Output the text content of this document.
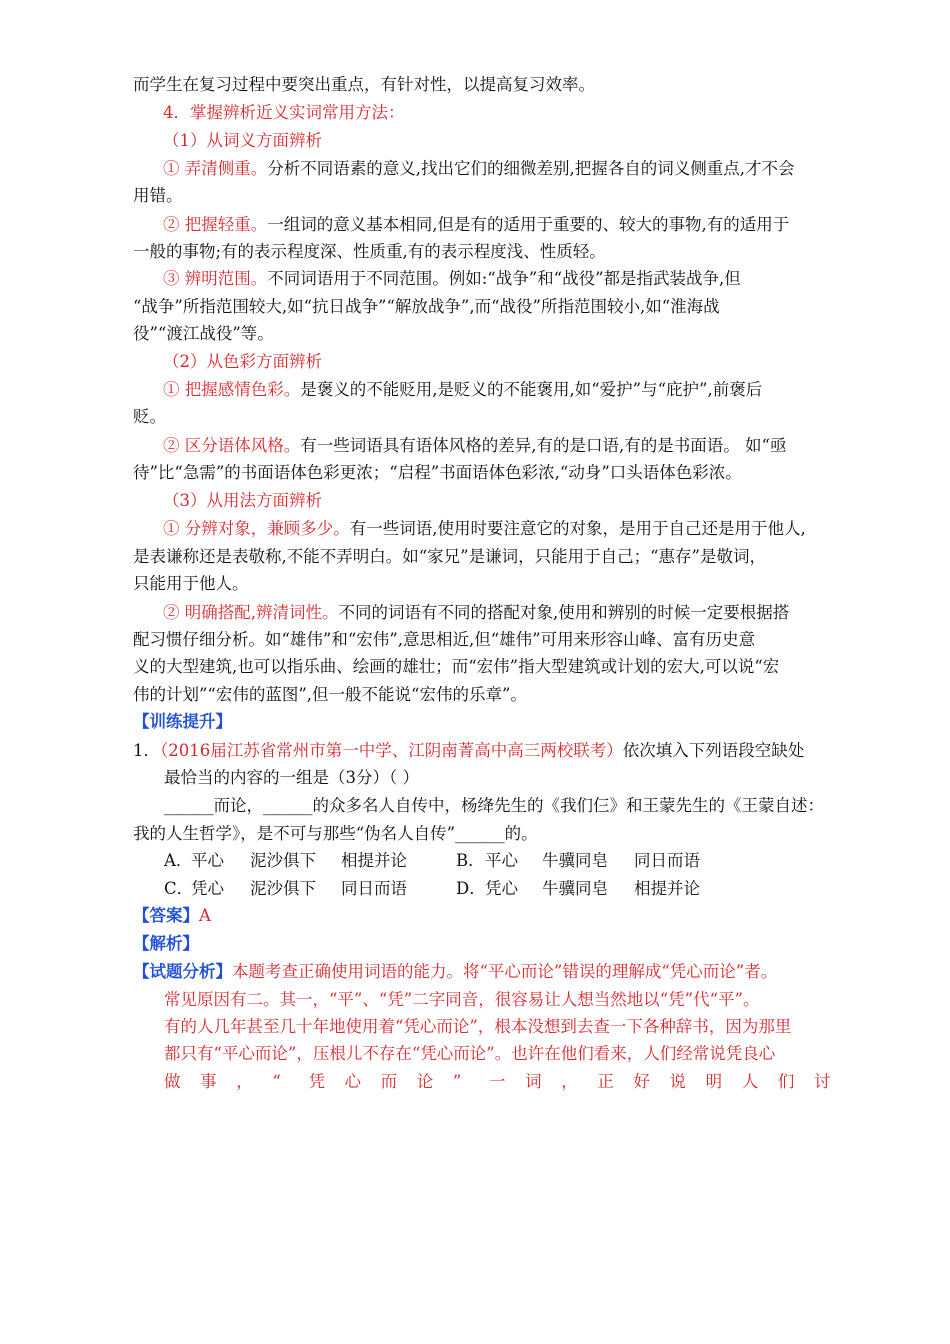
而学生在复习过程中要突出重点，有针对性，以提高复习效率。
4．掌握辨析近义实词常用方法：
（1）从词义方面辨析
① 弄清侧重。分析不同语素的意义,找出它们的细微差别,把握各自的词义侧重点,才不会
用错。
② 把握轻重。一组词的意义基本相同,但是有的适用于重要的、较大的事物,有的适用于
一般的事物;有的表示程度深、性质重,有的表示程度浅、性质轻。
③ 辨明范围。不同词语用于不同范围。例如:“战争”和“战役”都是指武装战争,但
“战争”所指范围较大,如“抗日战争”“解放战争”,而“战役”所指范围较小,如“淮海战
役”“渡江战役”等。
（2）从色彩方面辨析
① 把握感情色彩。是褒义的不能贬用,是贬义的不能褒用,如“爱护”与“庇护”,前褒后
贬。
② 区分语体风格。有一些词语具有语体风格的差异,有的是口语,有的是书面语。 如“亟
待”比“急需”的书面语体色彩更浓；“启程”书面语体色彩浓,“动身”口头语体色彩浓。
（3）从用法方面辨析
① 分辨对象，兼顾多少。有一些词语,使用时要注意它的对象，是用于自己还是用于他人,
是表谦称还是表敬称,不能不弄明白。如“家兄”是谦词，只能用于自己；“惠存”是敬词，
只能用于他人。
② 明确搭配,辨清词性。不同的词语有不同的搭配对象,使用和辨别的时候一定要根据搭
配习惯仔细分析。如“雄伟”和“宏伟”,意思相近,但“雄伟”可用来形容山峰、富有历史意
义的大型建筑,也可以指乐曲、绘画的雄壮；而“宏伟”指大型建筑或计划的宏大,可以说“宏
伟的计划”“宏伟的蓝图”,但一般不能说“宏伟的乐章”。
【训练提升】
1．（2016届江苏省常州市第一中学、江阴南菁高中高三两校联考）依次填入下列语段空缺处
最恰当的内容的一组是（3分）（ ）
______而论，______的众多名人自传中，杨绛先生的《我们仨》和王蒙先生的《王蒙自述：
我的人生哲学》，是不可与那些“伪名人自传”______的。
A．
平心 泥沙俱下 相提并论	B． 平心 牛骥同皂 同日而语
C．
凭心 泥沙俱下 同日而语	D． 凭心 牛骥同皂 相提并论
【答案】A
【解析】
【试题分析】本题考查正确使用词语的能力。将“平心而论”错误的理解成“凭心而论”者。
常见原因有二。其一，“平”、“凭”二字同音，很容易让人想当然地以“凭”代“平”。
有的人几年甚至几十年地使用着“凭心而论”，根本没想到去查一下各种辞书，因为那里
都只有“平心而论”，压根儿不存在“凭心而论”。也许在他们看来，人们经常说凭良心
做 事 ， “ 凭 心 而 论 ” 一 词 ， 正 好 说 明 人 们 讨
